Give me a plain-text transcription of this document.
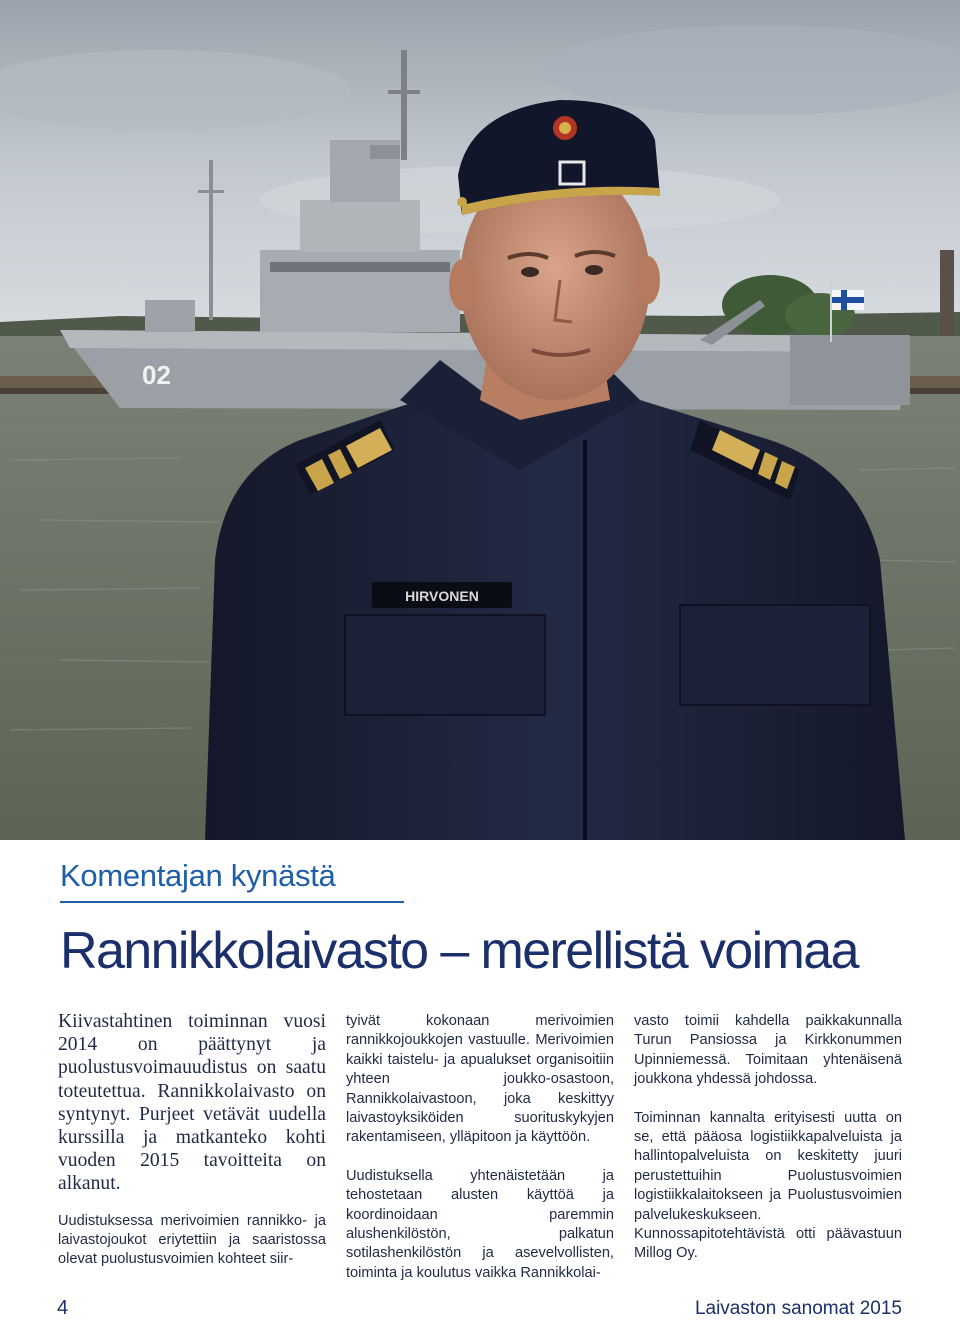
02
HIRVONEN
Komentajan kynästä
Rannikkolaivasto – merellistä voimaa

Kiivastahtinen toiminnan vuosi 2014 on päättynyt ja puolustusvoimauudistus on saatu toteutettua. Rannikkolaivasto on syntynyt. Purjeet vetävät uudella kurssilla ja matkanteko kohti vuoden 2015 tavoitteita on alkanut.

Uudistuksessa merivoimien rannikko- ja laivastojoukot eriytettiin ja saaristossa olevat puolustusvoimien kohteet siir-

tyivät kokonaan merivoimien rannikkojoukkojen vastuulle. Merivoimien kaikki taistelu- ja apualukset organisoitiin yhteen joukko-osastoon, Rannikkolaivastoon, joka keskittyy laivastoyksiköiden suorituskykyjen rakentamiseen, ylläpitoon ja käyttöön.

Uudistuksella yhtenäistetään ja tehostetaan alusten käyttöä ja koordinoidaan paremmin alushenkilöstön, palkatun sotilashenkilöstön ja asevelvollisten, toiminta ja koulutus vaikka Rannikkolai-

vasto toimii kahdella paikkakunnalla Turun Pansiossa ja Kirkkonummen Upinniemessä. Toimitaan yhtenäisenä joukkona yhdessä johdossa.

Toiminnan kannalta erityisesti uutta on se, että pääosa logistiikkapalveluista ja hallintopalveluista on keskitetty juuri perustettuihin Puolustusvoimien logistiikkalaitokseen ja Puolustusvoimien palvelukeskukseen. Kunnossapitotehtävistä otti päävastuun Millog Oy.

4	Laivaston sanomat 2015
